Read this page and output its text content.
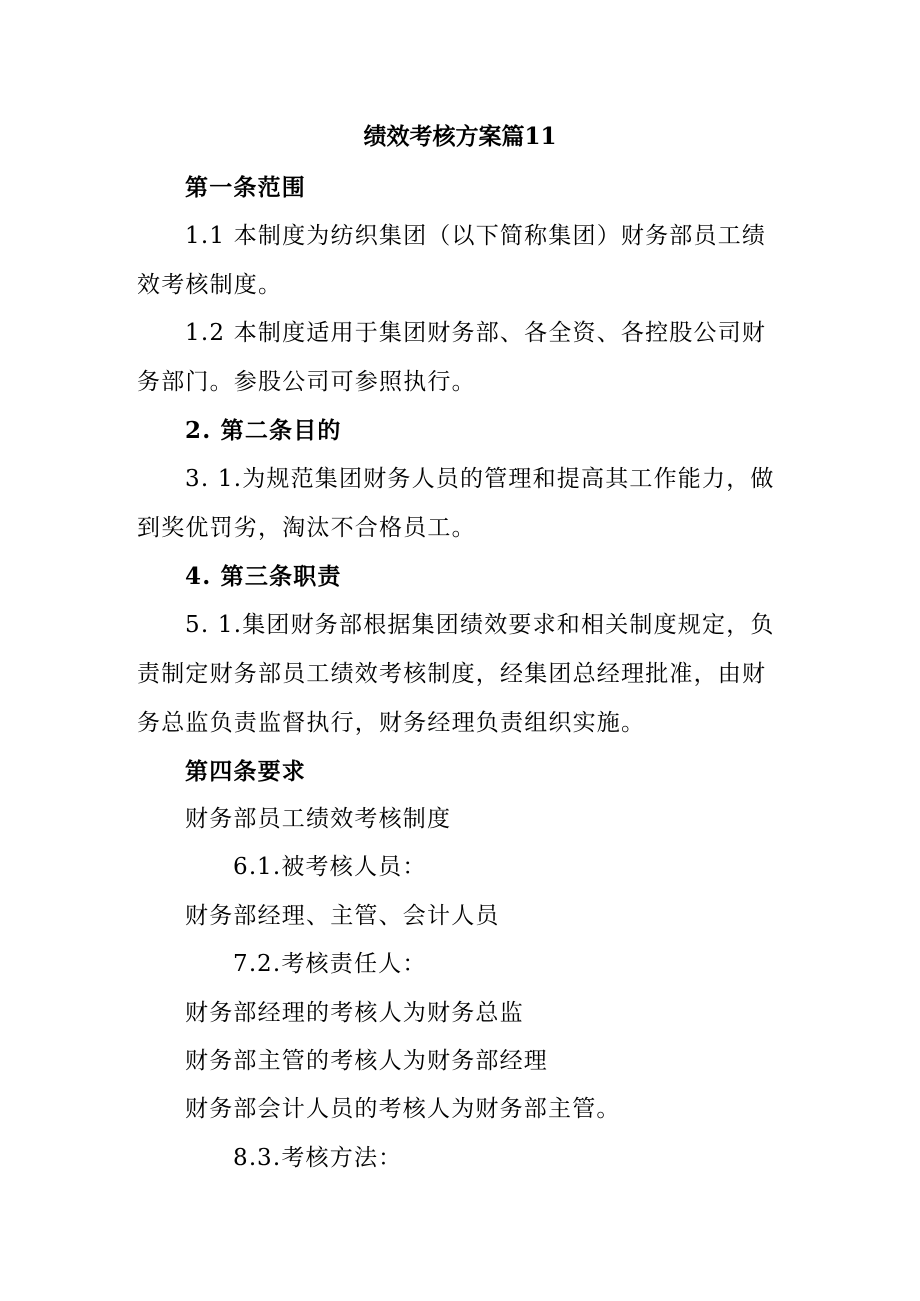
绩效考核方案篇11
第一条范围
1.1 本制度为纺织集团（以下简称集团）财务部员工绩效考核制度。
1.2 本制度适用于集团财务部、各全资、各控股公司财务部门。参股公司可参照执行。
2. 第二条目的
3. 1.为规范集团财务人员的管理和提高其工作能力，做到奖优罚劣，淘汰不合格员工。
4. 第三条职责
5. 1.集团财务部根据集团绩效要求和相关制度规定，负责制定财务部员工绩效考核制度，经集团总经理批准，由财务总监负责监督执行，财务经理负责组织实施。
第四条要求
财务部员工绩效考核制度
6.1.被考核人员：
财务部经理、主管、会计人员
7.2.考核责任人：
财务部经理的考核人为财务总监
财务部主管的考核人为财务部经理
财务部会计人员的考核人为财务部主管。
8.3.考核方法：
